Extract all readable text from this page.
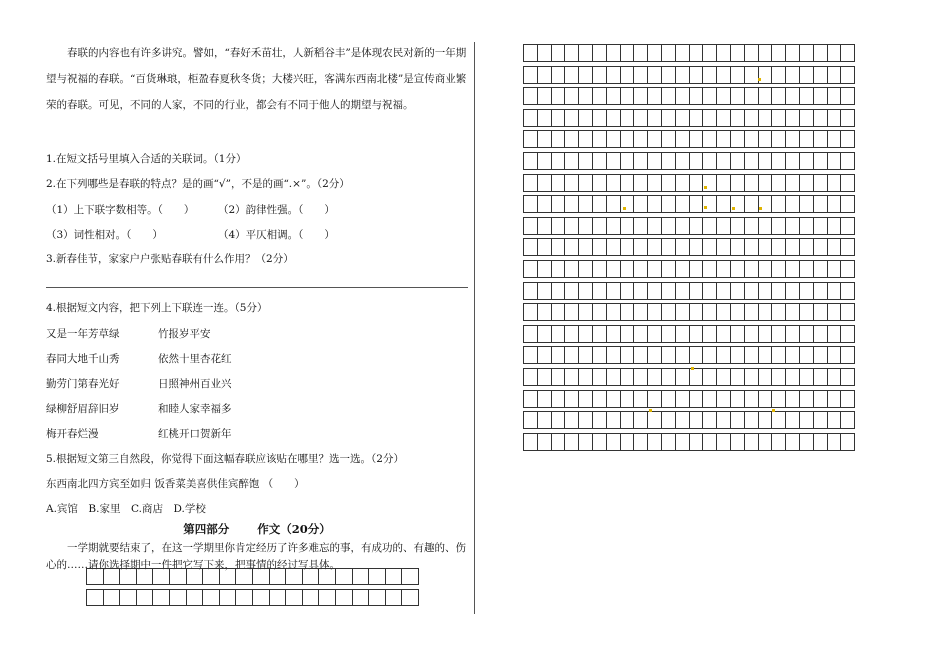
春联的内容也有许多讲究。譬如，“春好禾苗壮，人新稻谷丰”是体现农民对新的一年期望与祝福的春联。“百货琳琅，柜盈春夏秋冬货；大楼兴旺，客满东西南北楼”是宣传商业繁荣的春联。可见，不同的人家，不同的行业，都会有不同于他人的期望与祝福。

1.在短文括号里填入合适的关联词。（1分）
2.在下列哪些是春联的特点？是的画“√”，不是的画“.×”。（2分）
（1）上下联字数相等。（　　） （2）韵律性强。（　　）
（3）词性相对。（　　）	（4）平仄相调。（　　）
3.新春佳节，家家户户张贴春联有什么作用？（2分）
4.根据短文内容，把下列上下联连一连。（5分）
又是一年芳草绿	竹报岁平安
春同大地千山秀	依然十里杏花红
勤劳门第春光好	日照神州百业兴
绿柳舒眉辞旧岁	和睦人家幸福多
梅开春烂漫	红桃开口贺新年
5.根据短文第三自然段，你觉得下面这幅春联应该贴在哪里？选一选。（2分）
东西南北四方宾至如归 饭香菜美喜供佳宾醉饱 （　　）
A.宾馆　B.家里　C.商店　D.学校
第四部分 作文（20分）
一学期就要结束了，在这一学期里你肯定经历了许多难忘的事，有成功的、有趣的、伤心的……请你选择期中一件把它写下来，把事情的经过写具体。
